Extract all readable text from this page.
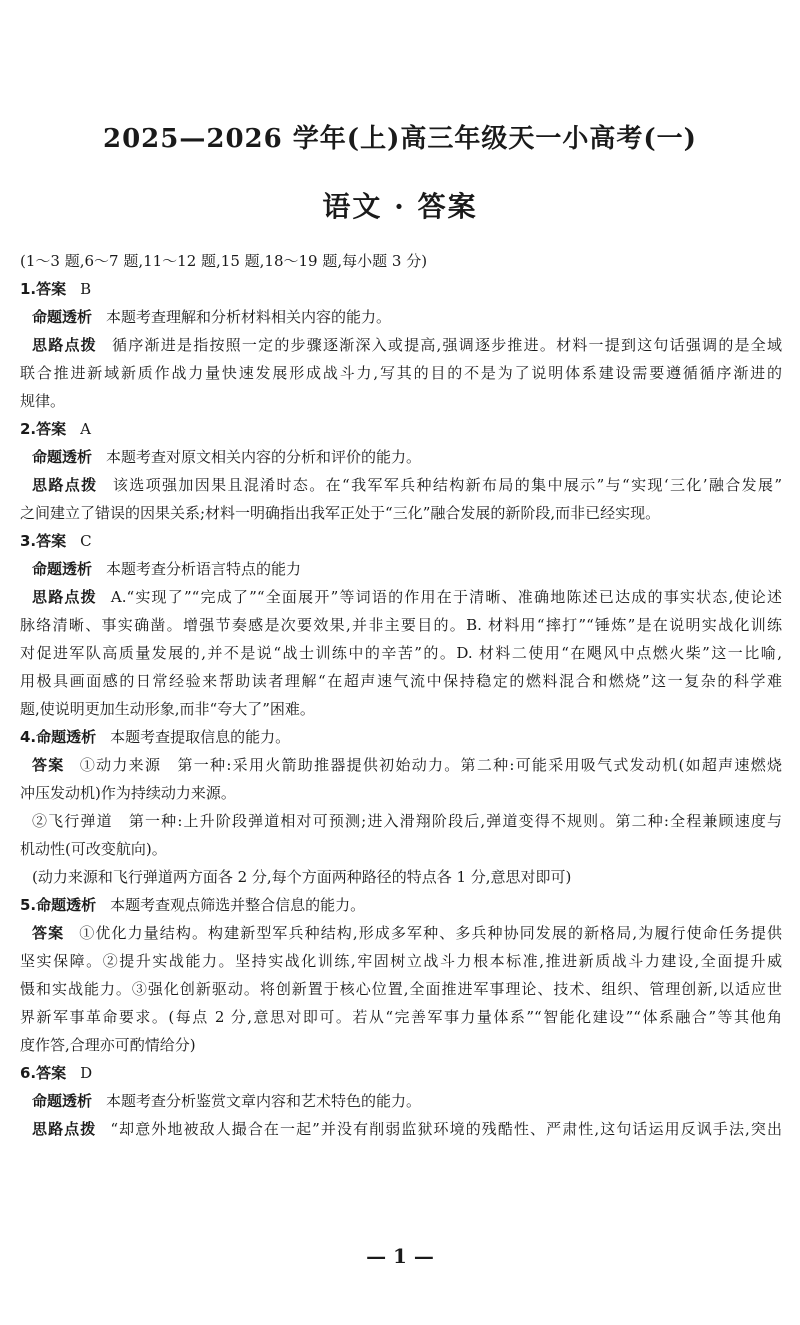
2025—2026 学年(上)高三年级天一小高考(一)
语文 · 答案
(1～3 题,6～7 题,11～12 题,15 题,18～19 题,每小题 3 分)
1.答案 B
命题透析 本题考查理解和分析材料相关内容的能力。
思路点拨 循序渐进是指按照一定的步骤逐渐深入或提高,强调逐步推进。材料一提到这句话强调的是全域
联合推进新域新质作战力量快速发展形成战斗力,写其的目的不是为了说明体系建设需要遵循循序渐进的
规律。
2.答案 A
命题透析 本题考查对原文相关内容的分析和评价的能力。
思路点拨 该选项强加因果且混淆时态。在“我军军兵种结构新布局的集中展示”与“实现‘三化’融合发展”
之间建立了错误的因果关系;材料一明确指出我军正处于“三化”融合发展的新阶段,而非已经实现。
3.答案 C
命题透析 本题考查分析语言特点的能力
思路点拨 A.“实现了”“完成了”“全面展开”等词语的作用在于清晰、准确地陈述已达成的事实状态,使论述
脉络清晰、事实确凿。增强节奏感是次要效果,并非主要目的。B. 材料用“摔打”“锤炼”是在说明实战化训练
对促进军队高质量发展的,并不是说“战士训练中的辛苦”的。D. 材料二使用“在飓风中点燃火柴”这一比喻,
用极具画面感的日常经验来帮助读者理解“在超声速气流中保持稳定的燃料混合和燃烧”这一复杂的科学难
题,使说明更加生动形象,而非“夸大了”困难。
4.命题透析 本题考查提取信息的能力。
答案 ①动力来源　第一种:采用火箭助推器提供初始动力。第二种:可能采用吸气式发动机(如超声速燃烧
冲压发动机)作为持续动力来源。
②飞行弹道　第一种:上升阶段弹道相对可预测;进入滑翔阶段后,弹道变得不规则。第二种:全程兼顾速度与
机动性(可改变航向)。
(动力来源和飞行弹道两方面各 2 分,每个方面两种路径的特点各 1 分,意思对即可)
5.命题透析 本题考查观点筛选并整合信息的能力。
答案 ①优化力量结构。构建新型军兵种结构,形成多军种、多兵种协同发展的新格局,为履行使命任务提供
坚实保障。②提升实战能力。坚持实战化训练,牢固树立战斗力根本标准,推进新质战斗力建设,全面提升威
慑和实战能力。③强化创新驱动。将创新置于核心位置,全面推进军事理论、技术、组织、管理创新,以适应世
界新军事革命要求。(每点 2 分,意思对即可。若从“完善军事力量体系”“智能化建设”“体系融合”等其他角
度作答,合理亦可酌情给分)
6.答案 D
命题透析 本题考查分析鉴赏文章内容和艺术特色的能力。
思路点拨 “却意外地被敌人撮合在一起”并没有削弱监狱环境的残酷性、严肃性,这句话运用反讽手法,突出
— 1 —
